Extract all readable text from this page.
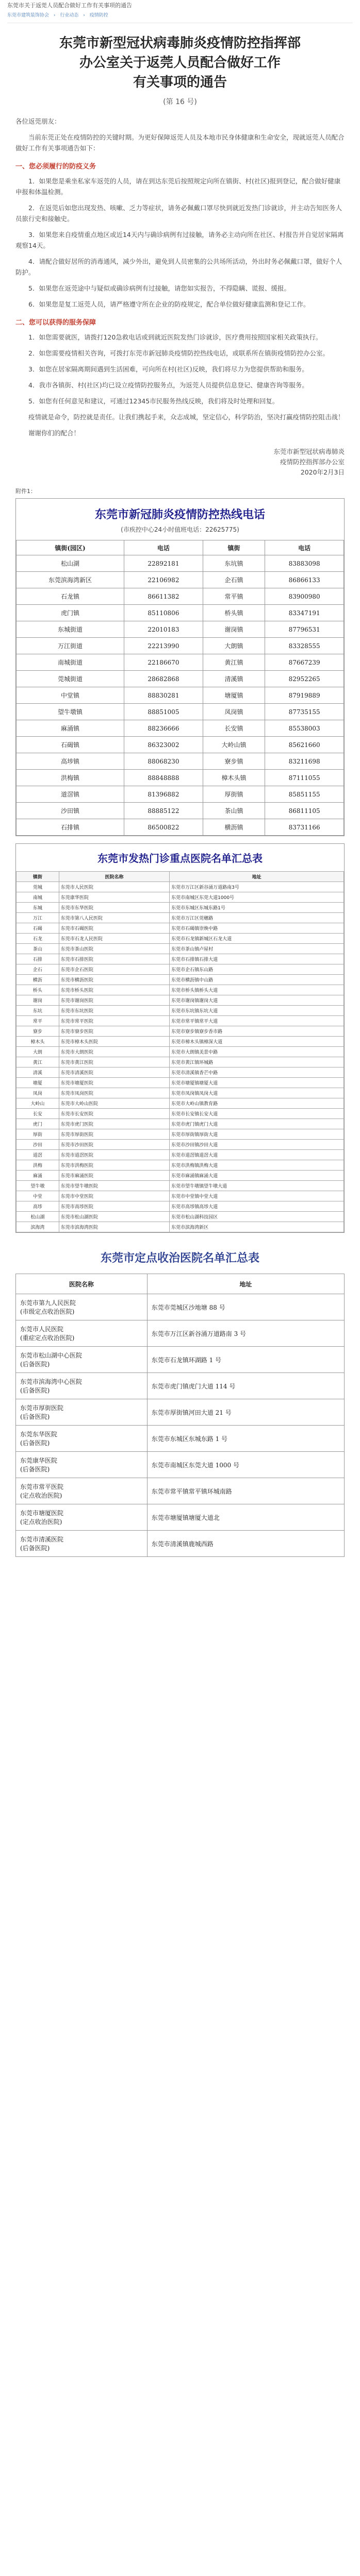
东莞市关于返莞人员配合做好工作有关事项的通告
东莞市建筑装饰协会 › 行业动态 › 疫情防控
东莞市新型冠状病毒肺炎疫情防控指挥部
办公室关于返莞人员配合做好工作
有关事项的通告
(第 16 号)
各位返莞朋友：
当前东莞正处在疫情防控的关键时期。为更好保障返莞人员及本地市民身体健康和生命安全，现就返莞人员配合做好工作有关事项通告如下：
一、您必须履行的防疫义务
1．如果您是乘坐私家车返莞的人员，请在到达东莞后按照规定向所在镇街、村(社区)报到登记，配合做好健康申报和体温检测。
2．在返莞后如您出现发热、咳嗽、乏力等症状，请务必佩戴口罩尽快到就近发热门诊就诊，并主动告知医务人员旅行史和接触史。
3．如果您来自疫情重点地区或近14天内与确诊病例有过接触，请务必主动向所在社区、村报告并自觉居家隔离观察14天。
4．请配合做好居所的消毒通风，减少外出，避免到人员密集的公共场所活动，外出时务必佩戴口罩，做好个人防护。
5．如果您在返莞途中与疑似或确诊病例有过接触，请您如实报告，不得隐瞒、谎报、缓报。
6．如果您是复工返莞人员，请严格遵守所在企业的防疫规定，配合单位做好健康监测和登记工作。
二、您可以获得的服务保障
1．如您需要就医，请拨打120急救电话或到就近医院发热门诊就诊，医疗费用按照国家相关政策执行。
2．如您需要疫情相关咨询，可拨打东莞市新冠肺炎疫情防控热线电话，或联系所在镇街疫情防控办公室。
3．如您在居家隔离期间遇到生活困难，可向所在村(社区)反映，我们将尽力为您提供帮助和服务。
4．我市各镇街、村(社区)均已设立疫情防控服务点，为返莞人员提供信息登记、健康咨询等服务。
5．如您有任何意见和建议，可通过12345市民服务热线反映，我们将及时处理和回复。
疫情就是命令，防控就是责任。让我们携起手来，众志成城，坚定信心，科学防治，坚决打赢疫情防控阻击战！
谢谢你们的配合！
东莞市新型冠状病毒肺炎
疫情防控指挥部办公室
2020年2月3日
附件1：
东莞市新冠肺炎疫情防控热线电话
(市疾控中心24小时值班电话：22625775)
镇街(园区)	电话	镇街	电话
松山湖	22892181	东坑镇	83883098
东莞滨海湾新区	22106982	企石镇	86866133
石龙镇	86611382	常平镇	83900980
虎门镇	85110806	桥头镇	83347191
东城街道	22010183	谢岗镇	87796531
万江街道	22213990	大朗镇	83328555
南城街道	22186670	黄江镇	87667239
莞城街道	28682868	清溪镇	82952265
中堂镇	88830281	塘厦镇	87919889
望牛墩镇	88851005	凤岗镇	87735155
麻涌镇	88236666	长安镇	85538003
石碣镇	86323002	大岭山镇	85621660
高埗镇	88068230	寮步镇	83211698
洪梅镇	88848888	樟木头镇	87111055
道滘镇	81396882	厚街镇	85851155
沙田镇	88885122	茶山镇	86811105
石排镇	86500822	横沥镇	83731166
东莞市发热门诊重点医院名单汇总表
镇街	医院名称	地址
莞城	东莞市人民医院	东莞市万江区新谷涌万道路南3号
南城	东莞康华医院	东莞市南城区东莞大道1000号
东城	东莞市东华医院	东莞市东城区东城东路1号
万江	东莞市第八人民医院	东莞市万江区莞穗路
石碣	东莞市石碣医院	东莞市石碣镇崇焕中路
石龙	东莞市石龙人民医院	东莞市石龙镇新城区石龙大道
茶山	东莞市茶山医院	东莞市茶山镇卢屋村
石排	东莞市石排医院	东莞市石排镇石排大道
企石	东莞市企石医院	东莞市企石镇东山路
横沥	东莞市横沥医院	东莞市横沥镇中山路
桥头	东莞市桥头医院	东莞市桥头镇桥头大道
谢岗	东莞市谢岗医院	东莞市谢岗镇谢岗大道
东坑	东莞市东坑医院	东莞市东坑镇东坑大道
常平	东莞市常平医院	东莞市常平镇常平大道
寮步	东莞市寮步医院	东莞市寮步镇寮步香市路
樟木头	东莞市樟木头医院	东莞市樟木头镇樟深大道
大朗	东莞市大朗医院	东莞市大朗镇美景中路
黄江	东莞市黄江医院	东莞市黄江镇环城路
清溪	东莞市清溪医院	东莞市清溪镇香芒中路
塘厦	东莞市塘厦医院	东莞市塘厦镇塘厦大道
凤岗	东莞市凤岗医院	东莞市凤岗镇凤岗大道
大岭山	东莞市大岭山医院	东莞市大岭山镇教育路
长安	东莞市长安医院	东莞市长安镇长安大道
虎门	东莞市虎门医院	东莞市虎门镇虎门大道
厚街	东莞市厚街医院	东莞市厚街镇厚街大道
沙田	东莞市沙田医院	东莞市沙田镇沙田大道
道滘	东莞市道滘医院	东莞市道滘镇道滘大道
洪梅	东莞市洪梅医院	东莞市洪梅镇洪梅大道
麻涌	东莞市麻涌医院	东莞市麻涌镇麻涌大道
望牛墩	东莞市望牛墩医院	东莞市望牛墩镇望牛墩大道
中堂	东莞市中堂医院	东莞市中堂镇中堂大道
高埗	东莞市高埗医院	东莞市高埗镇高埗大道
松山湖	东莞市松山湖医院	东莞市松山湖科技园区
滨海湾	东莞市滨海湾医院	东莞市滨海湾新区
东莞市定点收治医院名单汇总表
医院名称	地址
东莞市第九人民医院
(市级定点收治医院)	东莞市莞城区沙地塘 88 号
东莞市人民医院
(重症定点收治医院)	东莞市万江区新谷涌万道路南 3 号
东莞市松山湖中心医院
(后备医院)	东莞市石龙镇环湖路 1 号
东莞市滨海湾中心医院
(后备医院)	东莞市虎门镇虎门大道 114 号
东莞市厚街医院
(后备医院)	东莞市厚街镇河田大道 21 号
东莞东华医院
(后备医院)	东莞市东城区东城东路 1 号
东莞康华医院
(后备医院)	东莞市南城区东莞大道 1000 号
东莞市常平医院
(定点收治医院)	东莞市常平镇常平镇环城南路
东莞市塘厦医院
(定点收治医院)	东莞市塘厦镇塘厦大道北
东莞市清溪医院
(后备医院)	东莞市清溪镇鹿城西路
